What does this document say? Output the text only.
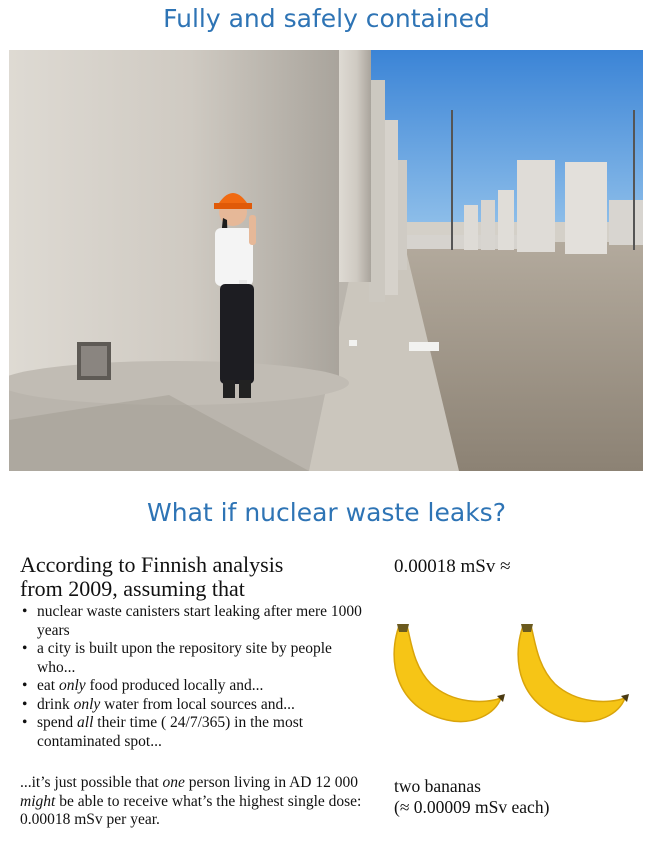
Fully and safely contained
What if nuclear waste leaks?

According to Finnish analysis
from 2009, assuming that

• nuclear waste canisters start leaking after mere 1000 years
• a city is built upon the repository site by people who...
• eat only food produced locally and...
• drink only water from local sources and...
• spend all their time ( 24/7/365) in the most contaminated spot...

...it’s just possible that one person living in AD 12 000 might be able to receive what’s the highest single dose: 0.00018 mSv per year.

0.00018 mSv ≈

two bananas
(≈ 0.00009 mSv each)
